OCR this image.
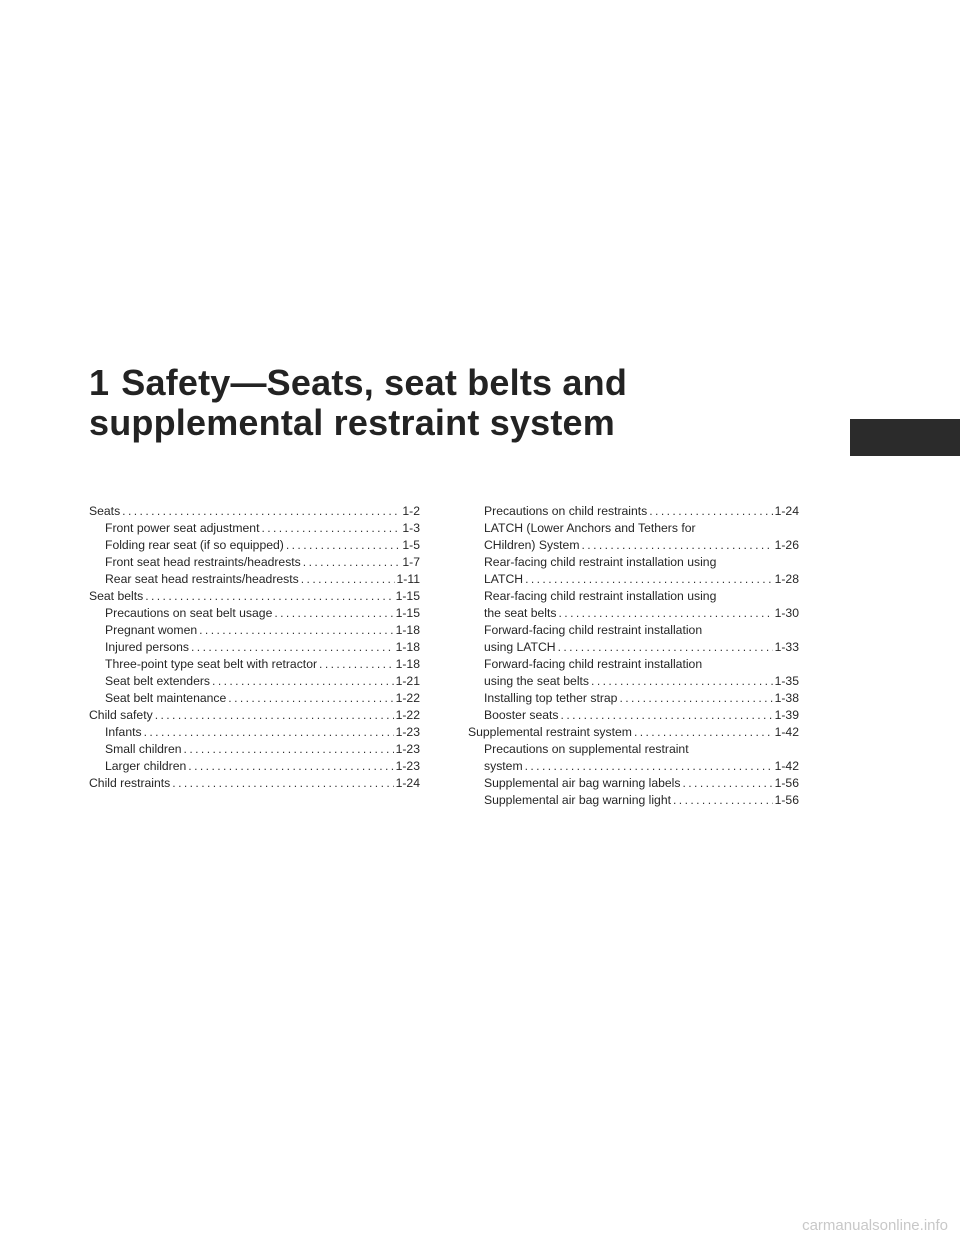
1 Safety—Seats, seat belts and
supplemental restraint system
Seats .....	1-2
Front power seat adjustment .....	1-3
Folding rear seat (if so equipped) .....	1-5
Front seat head restraints/headrests .....	1-7
Rear seat head restraints/headrests .....	1-11
Seat belts .....	1-15
Precautions on seat belt usage .....	1-15
Pregnant women .....	1-18
Injured persons .....	1-18
Three-point type seat belt with retractor .....	1-18
Seat belt extenders .....	1-21
Seat belt maintenance .....	1-22
Child safety .....	1-22
Infants .....	1-23
Small children .....	1-23
Larger children .....	1-23
Child restraints .....	1-24
Precautions on child restraints .....	1-24
LATCH (Lower Anchors and Tethers for
CHildren) System .....	1-26
Rear-facing child restraint installation using
LATCH .....	1-28
Rear-facing child restraint installation using
the seat belts .....	1-30
Forward-facing child restraint installation
using LATCH .....	1-33
Forward-facing child restraint installation
using the seat belts .....	1-35
Installing top tether strap .....	1-38
Booster seats .....	1-39
Supplemental restraint system .....	1-42
Precautions on supplemental restraint
system .....	1-42
Supplemental air bag warning labels .....	1-56
Supplemental air bag warning light .....	1-56
carmanualsonline.info
